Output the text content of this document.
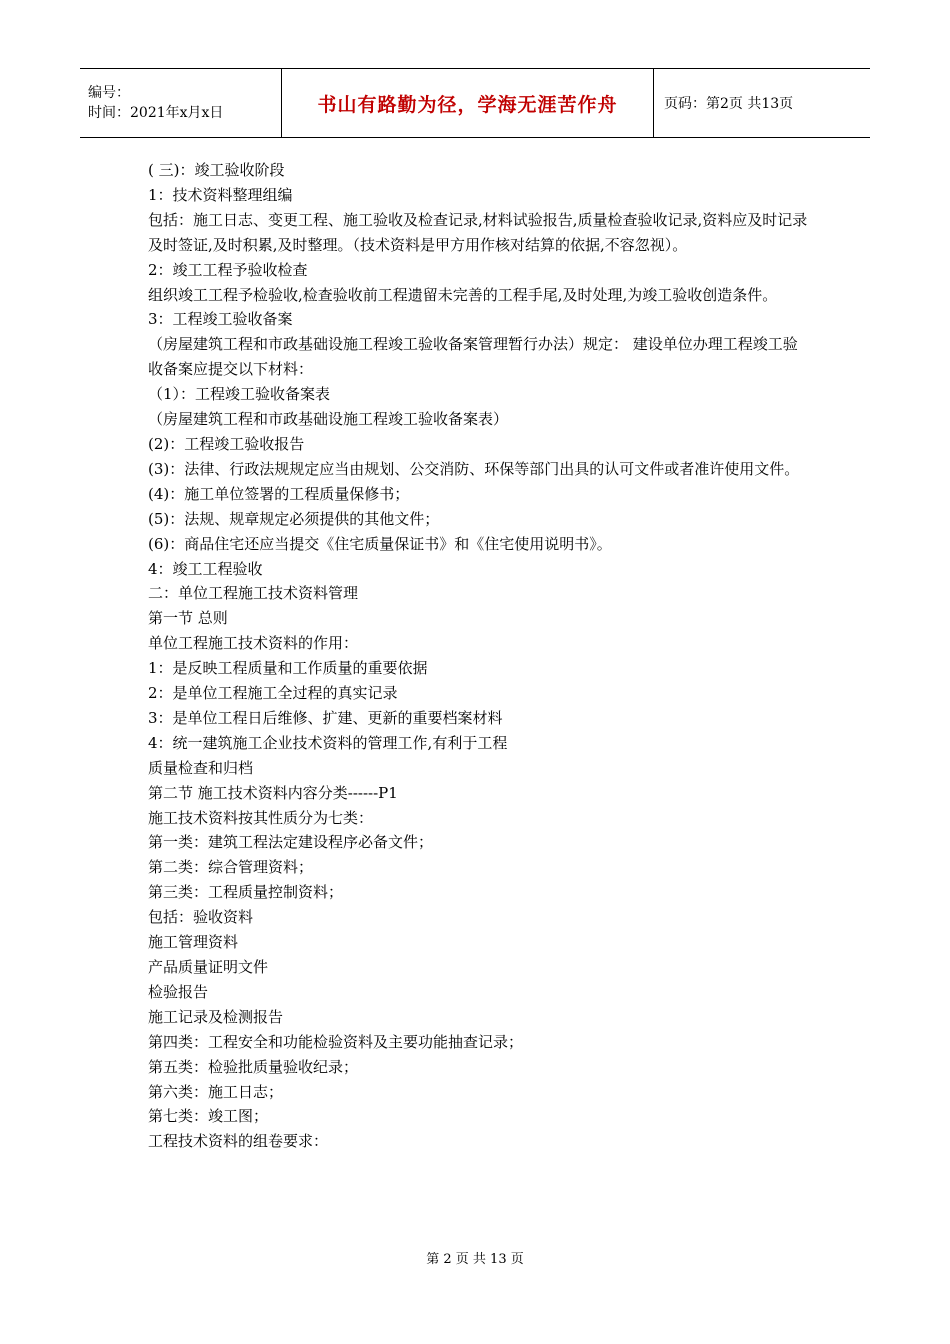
编号：
时间：2021年x月x日	书山有路勤为径，学海无涯苦作舟	页码：第2页 共13页

( 三)：竣工验收阶段

1：技术资料整理组编

包括：施工日志、变更工程、施工验收及检查记录,材料试验报告,质量检查验收记录,资料应及时记录及时签证,及时积累,及时整理。（技术资料是甲方用作核对结算的依据,不容忽视）。

2：竣工工程予验收检查

组织竣工工程予检验收,检查验收前工程遗留未完善的工程手尾,及时处理,为竣工验收创造条件。

3：工程竣工验收备案

（房屋建筑工程和市政基础设施工程竣工验收备案管理暂行办法）规定： 建设单位办理工程竣工验收备案应提交以下材料：

（1）：工程竣工验收备案表

（房屋建筑工程和市政基础设施工程竣工验收备案表）

(2)：工程竣工验收报告

(3)：法律、行政法规规定应当由规划、公交消防、环保等部门出具的认可文件或者准许使用文件。

(4)：施工单位签署的工程质量保修书；

(5)：法规、规章规定必须提供的其他文件；

(6)：商品住宅还应当提交《住宅质量保证书》和《住宅使用说明书》。

4：竣工工程验收

二：单位工程施工技术资料管理

第一节 总则

单位工程施工技术资料的作用：

1：是反映工程质量和工作质量的重要依据

2：是单位工程施工全过程的真实记录

3：是单位工程日后维修、扩建、更新的重要档案材料

4：统一建筑施工企业技术资料的管理工作,有利于工程

质量检查和归档

第二节 施工技术资料内容分类------P1

施工技术资料按其性质分为七类：

第一类：建筑工程法定建设程序必备文件；

第二类：综合管理资料；

第三类：工程质量控制资料；

包括：验收资料

施工管理资料

产品质量证明文件

检验报告

施工记录及检测报告

第四类：工程安全和功能检验资料及主要功能抽查记录；

第五类：检验批质量验收纪录；

第六类：施工日志；

第七类：竣工图；

工程技术资料的组卷要求：

第 2 页 共 13 页
